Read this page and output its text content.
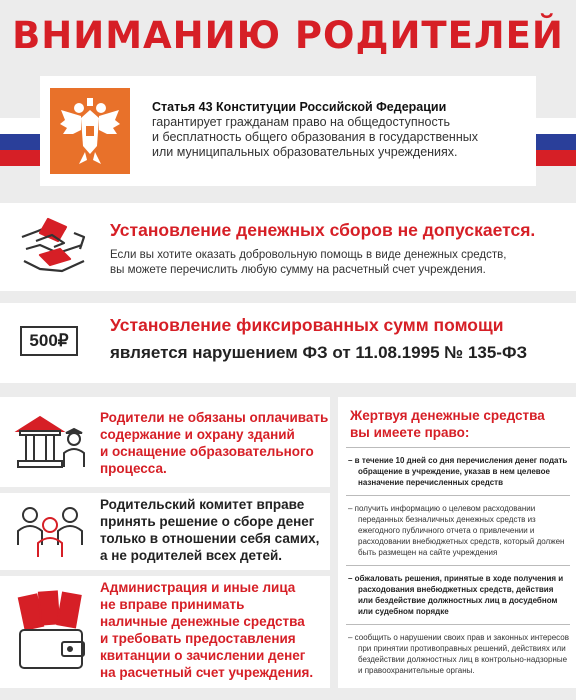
ВНИМАНИЮ РОДИТЕЛЕЙ
Статья 43 Конституции Российской Федерации
гарантирует гражданам право на общедоступность
и бесплатность общего образования в государственных
или муниципальных образовательных учреждениях.
Установление денежных сборов не допускается.
Если вы хотите оказать добровольную помощь в виде денежных средств,
вы можете перечислить любую сумму на расчетный счет учреждения.
500₽
Установление фиксированных сумм помощи
является нарушением ФЗ от 11.08.1995 № 135-ФЗ
Родители не обязаны оплачивать
содержание и охрану зданий
и оснащение образовательного
процесса.
Родительский комитет вправе
принять решение о сборе денег
только в отношении себя самих,
а не родителей всех детей.
Администрация и иные лица
не вправе принимать
наличные денежные средства
и требовать предоставления
квитанции о зачислении денег
на расчетный счет учреждения.
Жертвуя денежные средства
вы имеете право:
– в течение 10 дней со дня перечисления денег подать обращение в учреждение, указав в нем целевое назначение перечисленных средств
– получить информацию о целевом расходовании переданных безналичных денежных средств из ежегодного публичного отчета о привлечении и расходовании внебюджетных средств, который должен быть размещен на сайте учреждения
– обжаловать решения, принятые в ходе получения и расходования внебюджетных средств, действия или бездействие должностных лиц в досудебном или судебном порядке
– сообщить о нарушении своих прав и законных интересов при принятии противоправных решений, действиях или бездействии должностных лиц в контрольно-надзорные и правоохранительные органы.
